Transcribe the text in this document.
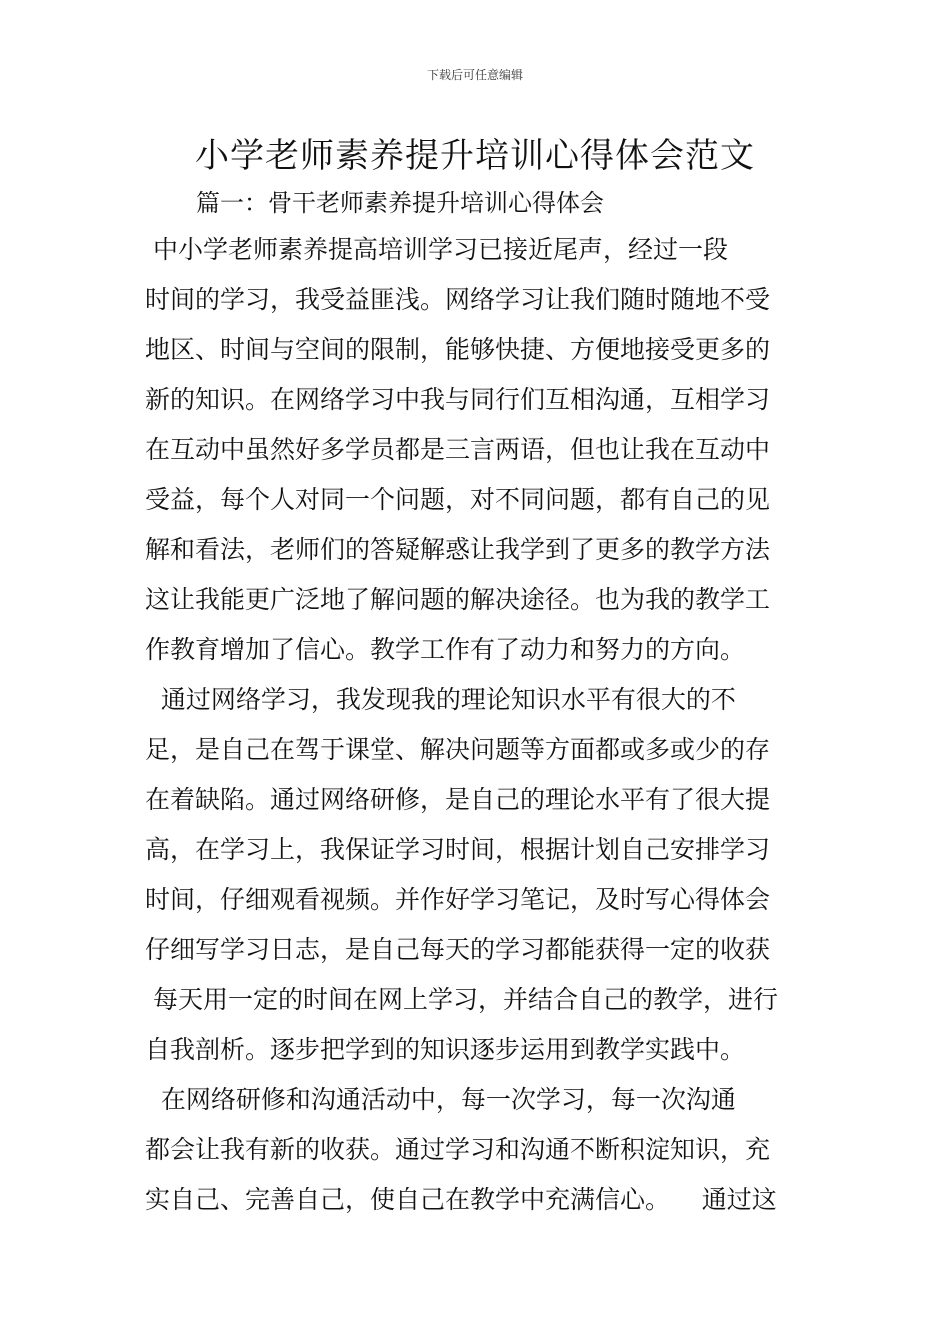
下载后可任意编辑
小学老师素养提升培训心得体会范文
篇一：骨干老师素养提升培训心得体会
中小学老师素养提高培训学习已接近尾声，经过一段
时间的学习，我受益匪浅。网络学习让我们随时随地不受
地区、时间与空间的限制，能够快捷、方便地接受更多的
新的知识。在网络学习中我与同行们互相沟通，互相学习
在互动中虽然好多学员都是三言两语，但也让我在互动中
受益，每个人对同一个问题，对不同问题，都有自己的见
解和看法，老师们的答疑解惑让我学到了更多的教学方法
这让我能更广泛地了解问题的解决途径。也为我的教学工
作教育增加了信心。教学工作有了动力和努力的方向。
通过网络学习，我发现我的理论知识水平有很大的不
足，是自己在驾于课堂、解决问题等方面都或多或少的存
在着缺陷。通过网络研修，是自己的理论水平有了很大提
高，在学习上，我保证学习时间，根据计划自己安排学习
时间，仔细观看视频。并作好学习笔记，及时写心得体会
仔细写学习日志，是自己每天的学习都能获得一定的收获
每天用一定的时间在网上学习，并结合自己的教学，进行
自我剖析。逐步把学到的知识逐步运用到教学实践中。
在网络研修和沟通活动中，每一次学习，每一次沟通
都会让我有新的收获。通过学习和沟通不断积淀知识，充
实自己、完善自己，使自己在教学中充满信心。    通过这
